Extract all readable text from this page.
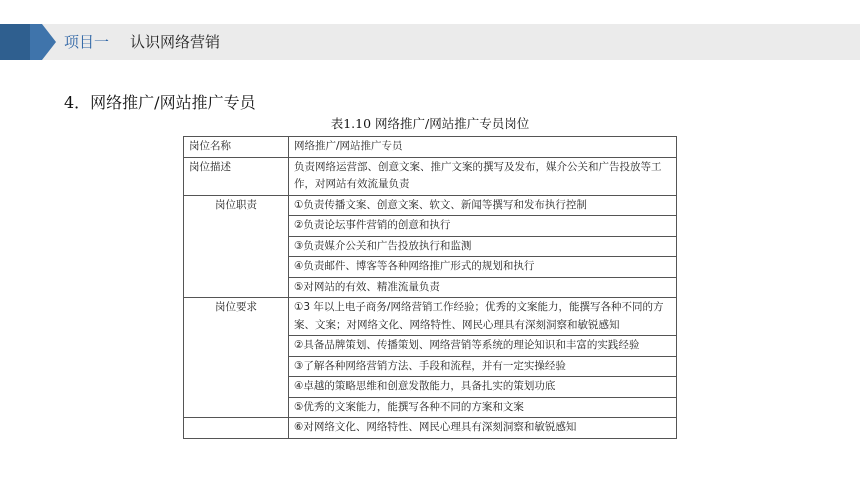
项目一 认识网络营销
4．网络推广/网站推广专员
表1.10 网络推广/网站推广专员岗位
岗位名称	网络推广/网站推广专员
岗位描述	负责网络运营部、创意文案、推广文案的撰写及发布，媒介公关和广告投放等工作，对网站有效流量负责
岗位职责	①负责传播文案、创意文案、软文、新闻等撰写和发布执行控制
	②负责论坛事件营销的创意和执行
	③负责媒介公关和广告投放执行和监测
	④负责邮件、博客等各种网络推广形式的规划和执行
	⑤对网站的有效、精准流量负责
岗位要求	①3 年以上电子商务/网络营销工作经验；优秀的文案能力，能撰写各种不同的方案、文案；对网络文化、网络特性、网民心理具有深刻洞察和敏锐感知
	②具备品牌策划、传播策划、网络营销等系统的理论知识和丰富的实践经验
	③了解各种网络营销方法、手段和流程，并有一定实操经验
	④卓越的策略思维和创意发散能力，具备扎实的策划功底
	⑤优秀的文案能力，能撰写各种不同的方案和文案
	⑥对网络文化、网络特性、网民心理具有深刻洞察和敏锐感知
